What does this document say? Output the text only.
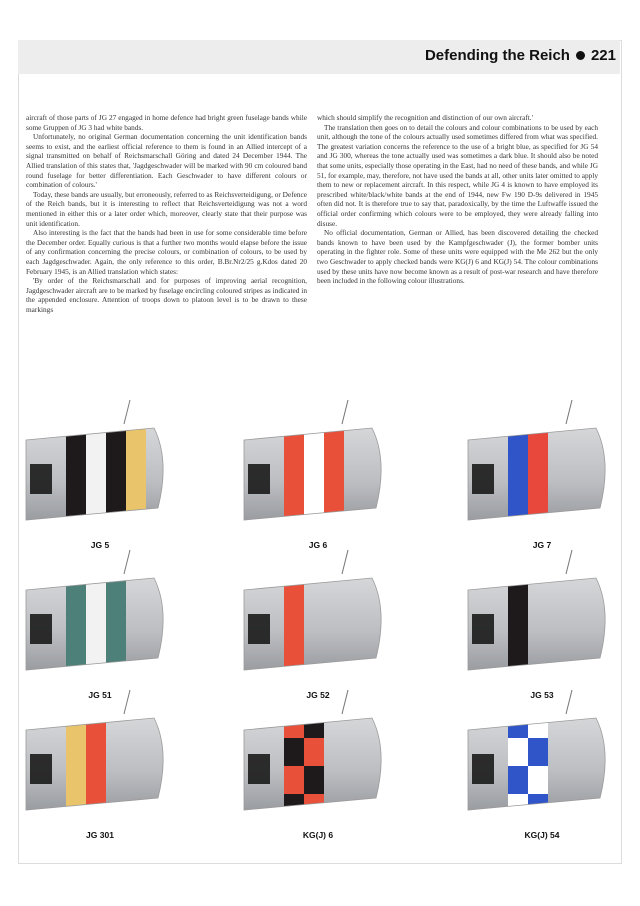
Defending the Reich 221

aircraft of those parts of JG 27 engaged in home defence had bright green fuselage bands while some Gruppen of JG 3 had white bands.

Unfortunately, no original German documentation concerning the unit identification bands seems to exist, and the earliest official reference to them is found in an Allied intercept of a signal transmitted on behalf of Reichsmarschall Göring and dated 24 December 1944. The Allied translation of this states that, 'Jagdgeschwader will be marked with 90 cm coloured band round fuselage for better differentiation. Each Geschwader to have different colours or combination of colours.'

Today, these bands are usually, but erroneously, referred to as Reichsverteidigung, or Defence of the Reich bands, but it is interesting to reflect that Reichsverteidigung was not a word mentioned in either this or a later order which, moreover, clearly state that their purpose was unit identification.

Also interesting is the fact that the bands had been in use for some considerable time before the December order. Equally curious is that a further two months would elapse before the issue of any confirmation concerning the precise colours, or combination of colours, to be used by each Jagdgeschwader. Again, the only reference to this order, B.Br.Nr2/25 g.Kdos dated 20 February 1945, is an Allied translation which states:

'By order of the Reichsmarschall and for purposes of improving aerial recognition, Jagdgeschwader aircraft are to be marked by fuselage encircling coloured stripes as indicated in the appended enclosure. Attention of troops down to platoon level is to be drawn to these markings

which should simplify the recognition and distinction of our own aircraft.'

The translation then goes on to detail the colours and colour combinations to be used by each unit, although the tone of the colours actually used sometimes differed from what was specified. The greatest variation concerns the reference to the use of a bright blue, as specified for JG 54 and JG 300, whereas the tone actually used was sometimes a dark blue. It should also be noted that some units, especially those operating in the East, had no need of these bands, and while JG 51, for example, may, therefore, not have used the bands at all, other units later omitted to apply them to new or replacement aircraft. In this respect, while JG 4 is known to have employed its prescribed white/black/white bands at the end of 1944, new Fw 190 D-9s delivered in 1945 often did not. It is therefore true to say that, paradoxically, by the time the Luftwaffe issued the official order confirming which colours were to be employed, they were already falling into disuse.

No official documentation, German or Allied, has been discovered detailing the checked bands known to have been used by the Kampfgeschwader (J), the former bomber units operating in the fighter role. Some of these units were equipped with the Me 262 but the only two Geschwader to apply checked bands were KG(J) 6 and KG(J) 54. The colour combinations used by these units have now become known as a result of post-war research and have therefore been included in the following colour illustrations.

JG 5	JG 6	JG 7
JG 51	JG 52	JG 53
JG 301	KG(J) 6	KG(J) 54
